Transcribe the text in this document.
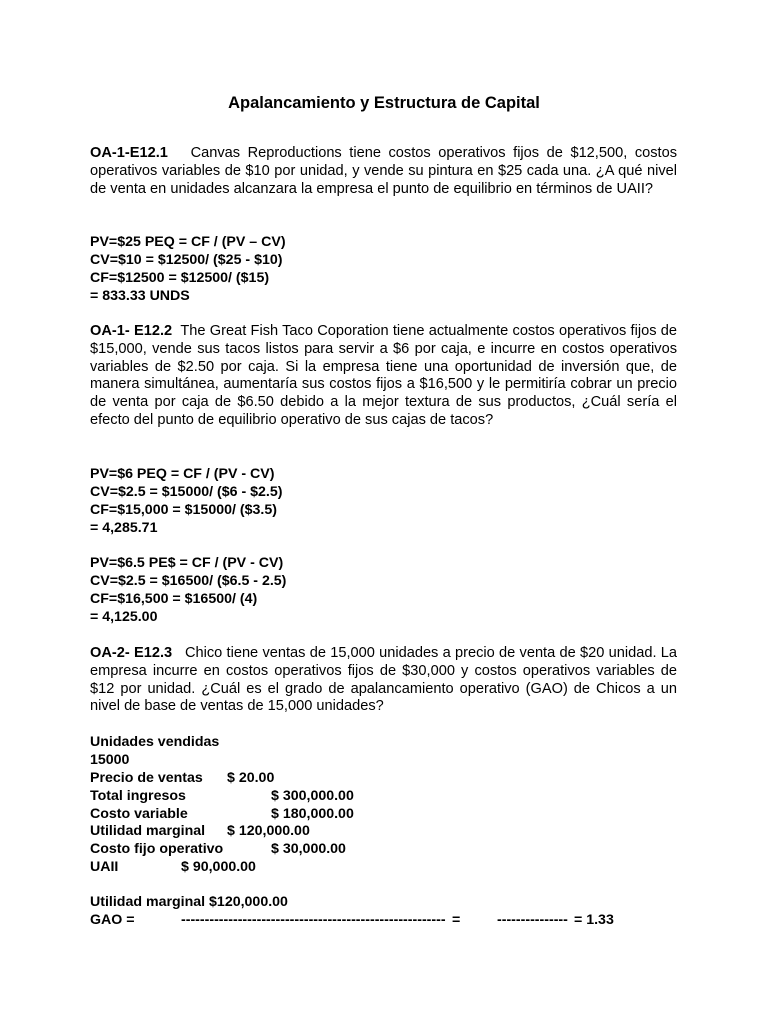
Apalancamiento y Estructura de Capital

OA-1-E12.1 Canvas Reproductions tiene costos operativos fijos de $12,500, costos operativos variables de $10 por unidad, y vende su pintura en $25 cada una. ¿A qué nivel de venta en unidades alcanzara la empresa el punto de equilibrio en términos de UAII?

PV=$25 PEQ = CF / (PV – CV)
CV=$10 = $12500/ ($25 - $10)
CF=$12500 = $12500/ ($15)
= 833.33 UNDS

OA-1- E12.2 The Great Fish Taco Coporation tiene actualmente costos operativos fijos de $15,000, vende sus tacos listos para servir a $6 por caja, e incurre en costos operativos variables de $2.50 por caja. Si la empresa tiene una oportunidad de inversión que, de manera simultánea, aumentaría sus costos fijos a $16,500 y le permitiría cobrar un precio de venta por caja de $6.50 debido a la mejor textura de sus productos, ¿Cuál sería el efecto del punto de equilibrio operativo de sus cajas de tacos?

PV=$6 PEQ = CF / (PV - CV)
CV=$2.5 = $15000/ ($6 - $2.5)
CF=$15,000 = $15000/ ($3.5)
= 4,285.71
PV=$6.5 PE$ = CF / (PV - CV)
CV=$2.5 = $16500/ ($6.5 - 2.5)
CF=$16,500 = $16500/ (4)
= 4,125.00

OA-2- E12.3 Chico tiene ventas de 15,000 unidades a precio de venta de $20 unidad. La empresa incurre en costos operativos fijos de $30,000 y costos operativos variables de $12 por unidad. ¿Cuál es el grado de apalancamiento operativo (GAO) de Chicos a un nivel de base de ventas de 15,000 unidades?

Unidades vendidas
15000
Precio de ventas $ 20.00
Total ingresos	$ 300,000.00
Costo variable	$ 180,000.00
Utilidad marginal $ 120,000.00
Costo fijo operativo	$ 30,000.00
UAII	$ 90,000.00
Utilidad marginal $120,000.00
GAO =	-------------------------------------------------------- =	--------------- = 1.33
